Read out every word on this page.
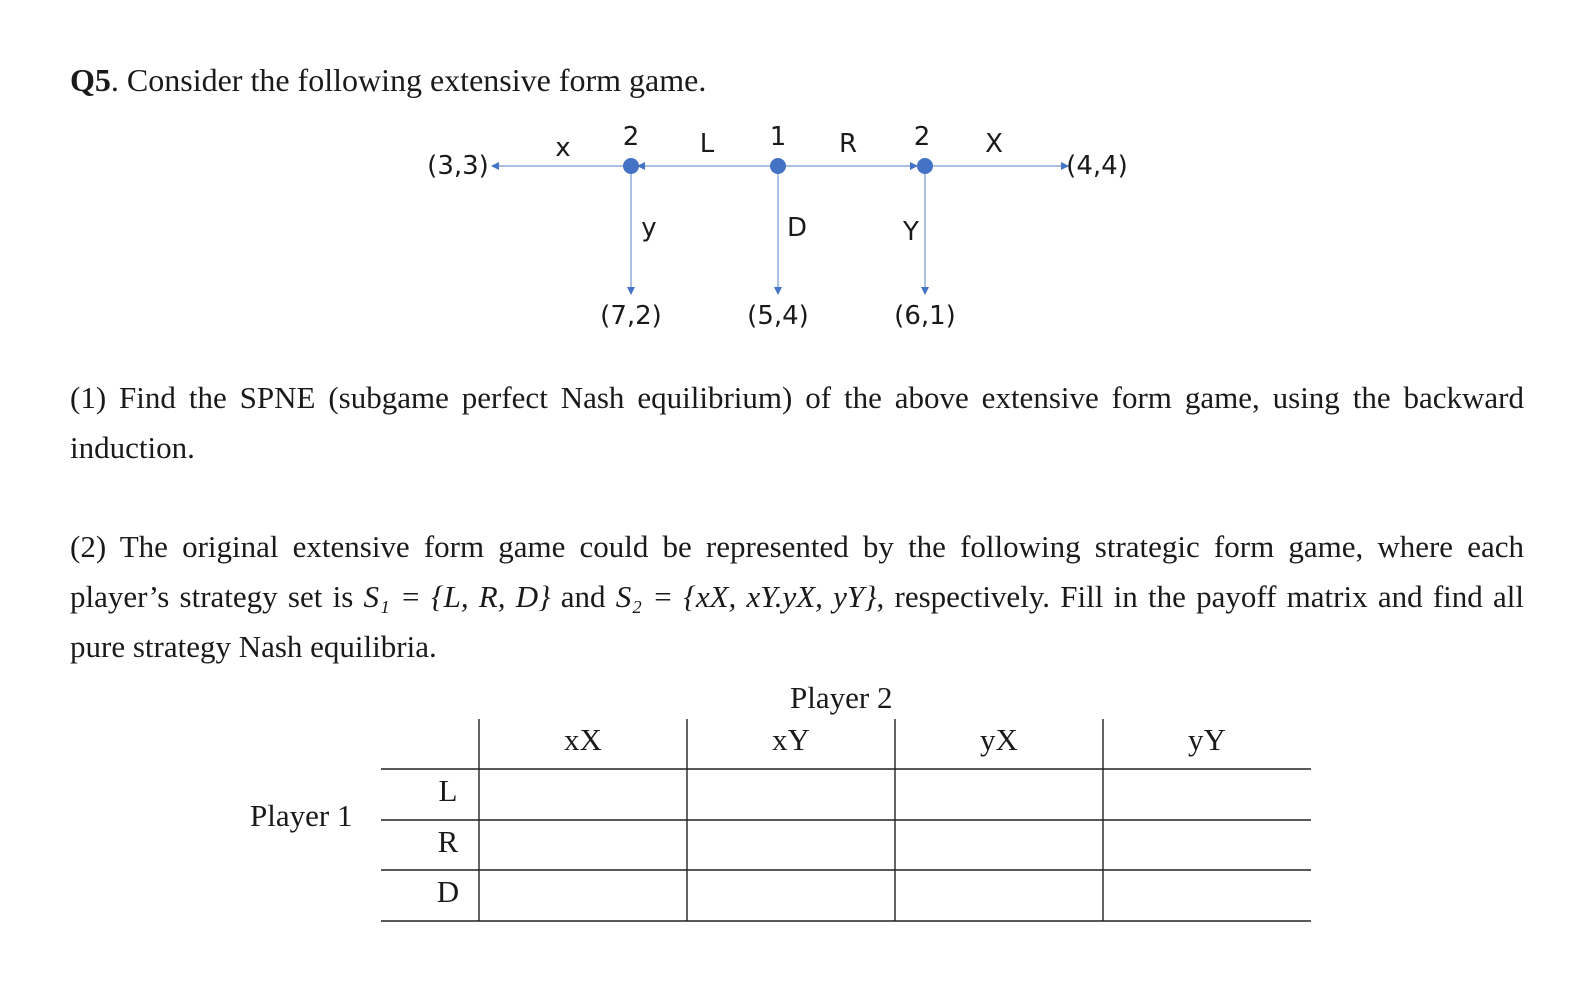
Q5. Consider the following extensive form game.
2	1	2
x	L	R	X
y	D	Y
(3,3)	(4,4)
(7,2)	(5,4)	(6,1)
(1) Find the SPNE (subgame perfect Nash equilibrium) of the above extensive form game, using the backward induction.
(2) The original extensive form game could be represented by the following strategic form game, where each player’s strategy set is S₁ = {L, R, D} and S₂ = {xX, xY.yX, yY}, respectively. Fill in the payoff matrix and find all pure strategy Nash equilibria.
Player 2
Player 1
xX	xY	yX	yY
L
R
D
